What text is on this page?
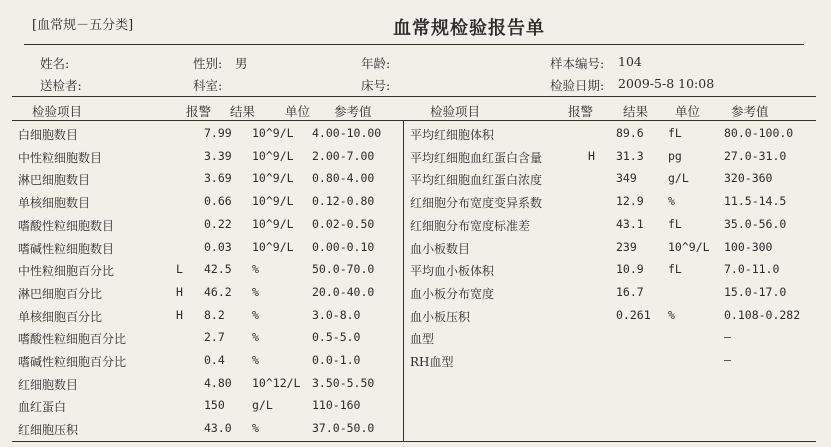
[血常规－五分类]	血常规检验报告单
姓名:	性别: 男	年龄:	样本编号: 104
送检者:	科室:	床号:	检验日期: 2009-5-8 10:08
检验项目	报警 结果 单位 参考值	检验项目	报警 结果 单位 参考值
白细胞数目	7.99 10^9/L 4.00-10.00
中性粒细胞数目	3.39 10^9/L 2.00-7.00
淋巴细胞数目	3.69 10^9/L 0.80-4.00
单核细胞数目	0.66 10^9/L 0.12-0.80
嗜酸性粒细胞数目	0.22 10^9/L 0.02-0.50
嗜碱性粒细胞数目	0.03 10^9/L 0.00-0.10
中性粒细胞百分比	L 42.5 %	50.0-70.0
淋巴细胞百分比	H 46.2 %	20.0-40.0
单核细胞百分比	H 8.2 %	3.0-8.0
嗜酸性粒细胞百分比	2.7 %	0.5-5.0
嗜碱性粒细胞百分比	0.4 %	0.0-1.0
红细胞数目	4.80 10^12/L 3.50-5.50
血红蛋白	150 g/L	110-160
红细胞压积	43.0 %	37.0-50.0
平均红细胞体积	89.6 fL	80.0-100.0
平均红细胞血红蛋白含量	H 31.3 pg	27.0-31.0
平均红细胞血红蛋白浓度	349	g/L	320-360
红细胞分布宽度变异系数	12.9 %	11.5-14.5
红细胞分布宽度标准差	43.1 fL	35.0-56.0
血小板数目	239	10^9/L 100-300
平均血小板体积	10.9 fL	7.0-11.0
血小板分布宽度	16.7	15.0-17.0
血小板压积	0.261 %	0.108-0.282
血型	–
RH血型	–
